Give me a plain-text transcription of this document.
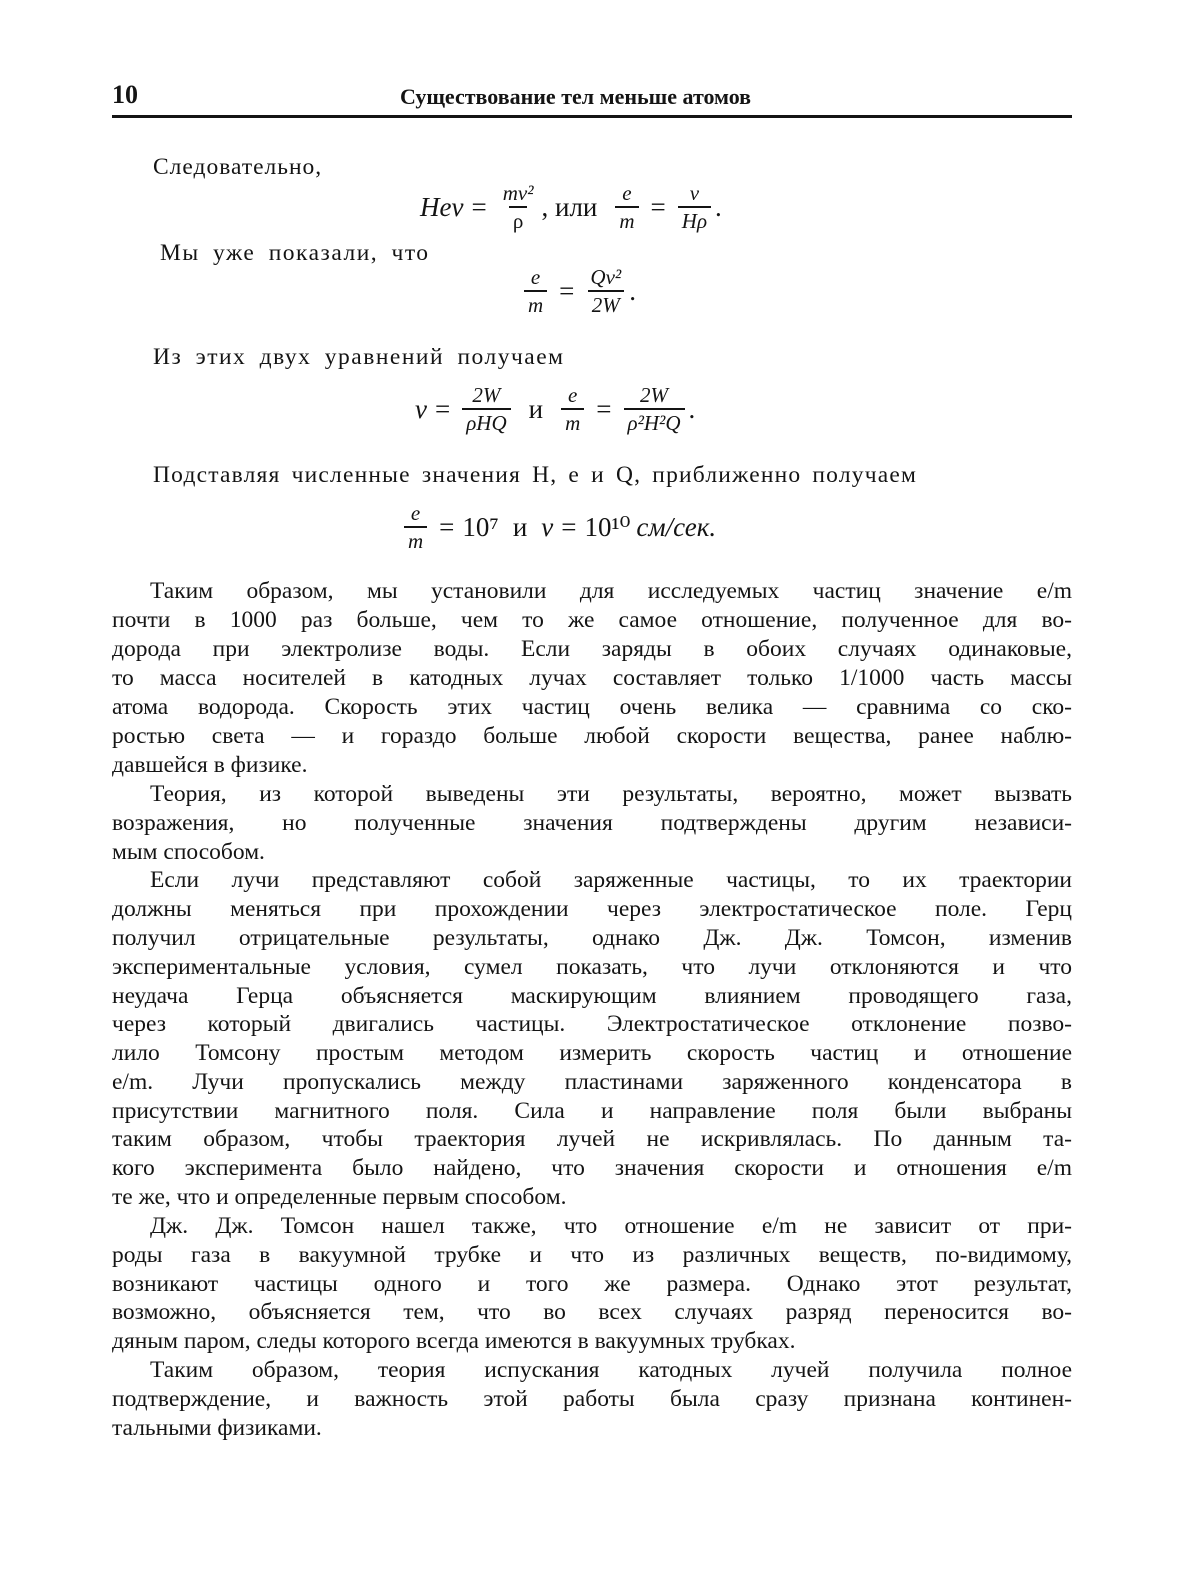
10	Существование тел меньше атомов
Следовательно,
Hev = $\frac{\text{mv²}}{\rho}$ , или $\frac{e}{m} = \frac{v}{H\rho}$ .
Мы уже показали, что
$\frac{e}{m} = \frac{\text{Qv²}}{2W}$ .
Из этих двух уравнений получаем
$v = \frac{2W}{\text{ρHQ}}$ и $\frac{e}{m} = \frac{2W}{\text{ρ²H²Q}}$ .
Подставляя численные значения H, e и Q, приближенно получаем
$\frac{e}{m} = 10^7$ и v = 10¹⁰ см/сек.
Таким образом, мы установили для исследуемых частиц значение e/m
почти в 1000 раз больше, чем то же самое отношение, полученное для во-
дорода при электролизе воды. Если заряды в обоих случаях одинаковые,
то масса носителей в катодных лучах составляет только 1/1000 часть массы
атома водорода. Скорость этих частиц очень велика — сравнима со ско-
ростью света — и гораздо больше любой скорости вещества, ранее наблю-
давшейся в физике.
Теория, из которой выведены эти результаты, вероятно, может вызвать
возражения, но полученные значения подтверждены другим независи-
мым способом.
Если лучи представляют собой заряженные частицы, то их траектории
должны меняться при прохождении через электростатическое поле. Герц
получил отрицательные результаты, однако Дж. Дж. Томсон, изменив
экспериментальные условия, сумел показать, что лучи отклоняются и что
неудача Герца объясняется маскирующим влиянием проводящего газа,
через который двигались частицы. Электростатическое отклонение позво-
лило Томсону простым методом измерить скорость частиц и отношение
e/m. Лучи пропускались между пластинами заряженного конденсатора в
присутствии магнитного поля. Сила и направление поля были выбраны
таким образом, чтобы траектория лучей не искривлялась. По данным та-
кого эксперимента было найдено, что значения скорости и отношения e/m
те же, что и определенные первым способом.
Дж. Дж. Томсон нашел также, что отношение e/m не зависит от при-
роды газа в вакуумной трубке и что из различных веществ, по-видимому,
возникают частицы одного и того же размера. Однако этот результат,
возможно, объясняется тем, что во всех случаях разряд переносится во-
дяным паром, следы которого всегда имеются в вакуумных трубках.
Таким образом, теория испускания катодных лучей получила полное
подтверждение, и важность этой работы была сразу признана континен-
тальными физиками.
